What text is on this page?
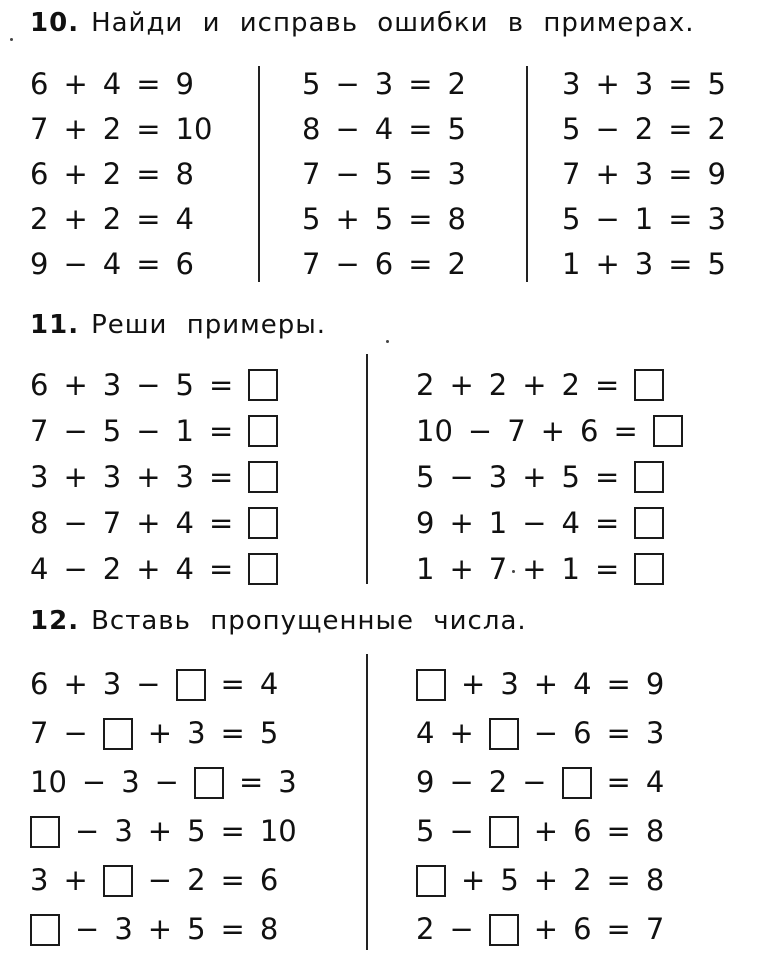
10 . Найди и исправь ошибки в примерах.
6 + 4 = 9
7 + 2 = 10
6 + 2 = 8
2 + 2 = 4
9 − 4 = 6
5 − 3 = 2
8 − 4 = 5
7 − 5 = 3
5 + 5 = 8
7 − 6 = 2
3 + 3 = 5
5 − 2 = 2
7 + 3 = 9
5 − 1 = 3
1 + 3 = 5
11 . Реши примеры.
6 + 3 − 5 =
7 − 5 − 1 =
3 + 3 + 3 =
8 − 7 + 4 =
4 − 2 + 4 =
2 + 2 + 2 =
10 − 7 + 6 =
5 − 3 + 5 =
9 + 1 − 4 =
1 + 7 + 1 =
12 . Вставь пропущенные числа.
6 + 3 − = 4
7 − + 3 = 5
10 − 3 − = 3
− 3 + 5 = 10
3 + − 2 = 6
− 3 + 5 = 8
+ 3 + 4 = 9
4 + − 6 = 3
9 − 2 − = 4
5 − + 6 = 8
+ 5 + 2 = 8
2 − + 6 = 7
